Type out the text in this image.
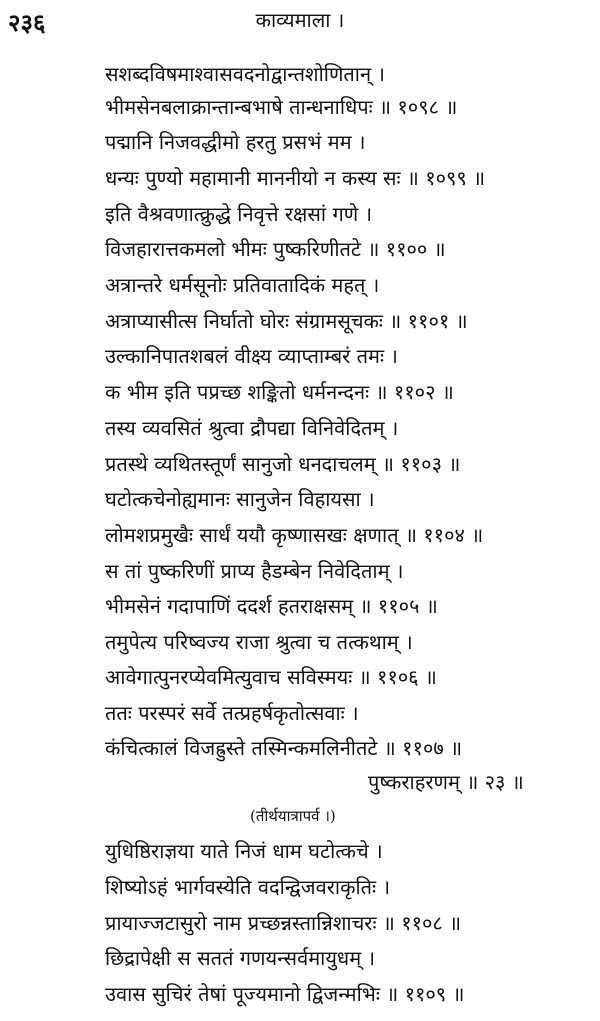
२३६	काव्यमाला ।
सशब्दविषमाश्वासवदनोद्वान्तशोणितान् ।
भीमसेनबलाक्रान्तान्बभाषे तान्धनाधिपः ॥ १०९८ ॥
पद्मानि निजवद्धीमो हरतु प्रसभं मम ।
धन्यः पुण्यो महामानी माननीयो न कस्य सः ॥ १०९९ ॥
इति वैश्रवणात्क्रुद्धे निवृत्ते रक्षसां गणे ।
विजहारात्तकमलो भीमः पुष्करिणीतटे ॥ ११०० ॥
अत्रान्तरे धर्मसूनोः प्रतिवातादिकं महत् ।
अत्राप्यासीत्स निर्घातो घोरः संग्रामसूचकः ॥ ११०१ ॥
उल्कानिपातशबलं वीक्ष्य व्याप्ताम्बरं तमः ।
क भीम इति पप्रच्छ शङ्कितो धर्मनन्दनः ॥ ११०२ ॥
तस्य व्यवसितं श्रुत्वा द्रौपद्या विनिवेदितम् ।
प्रतस्थे व्यथितस्तूर्णं सानुजो धनदाचलम् ॥ ११०३ ॥
घटोत्कचेनोह्यमानः सानुजेन विहायसा ।
लोमशप्रमुखैः सार्धं ययौ कृष्णासखः क्षणात् ॥ ११०४ ॥
स तां पुष्करिणीं प्राप्य हैडम्बेन निवेदिताम् ।
भीमसेनं गदापाणिं ददर्श हतराक्षसम् ॥ ११०५ ॥
तमुपेत्य परिष्वज्य राजा श्रुत्वा च तत्कथाम् ।
आवेगात्पुनरप्येवमित्युवाच सविस्मयः ॥ ११०६ ॥
ततः परस्परं सर्वे तत्प्रहर्षकृतोत्सवाः ।
कंचित्कालं विजह्रुस्ते तस्मिन्कमलिनीतटे ॥ ११०७ ॥
पुष्कराहरणम् ॥ २३ ॥
(तीर्थयात्रापर्व ।)
युधिष्ठिराज्ञया याते निजं धाम घटोत्कचे ।
शिष्योऽहं भार्गवस्येति वदन्द्विजवराकृतिः ।
प्रायाज्जटासुरो नाम प्रच्छन्नस्तान्निशाचरः ॥ ११०८ ॥
छिद्रापेक्षी स सततं गणयन्सर्वमायुधम् ।
उवास सुचिरं तेषां पूज्यमानो द्विजन्मभिः ॥ ११०९ ॥
